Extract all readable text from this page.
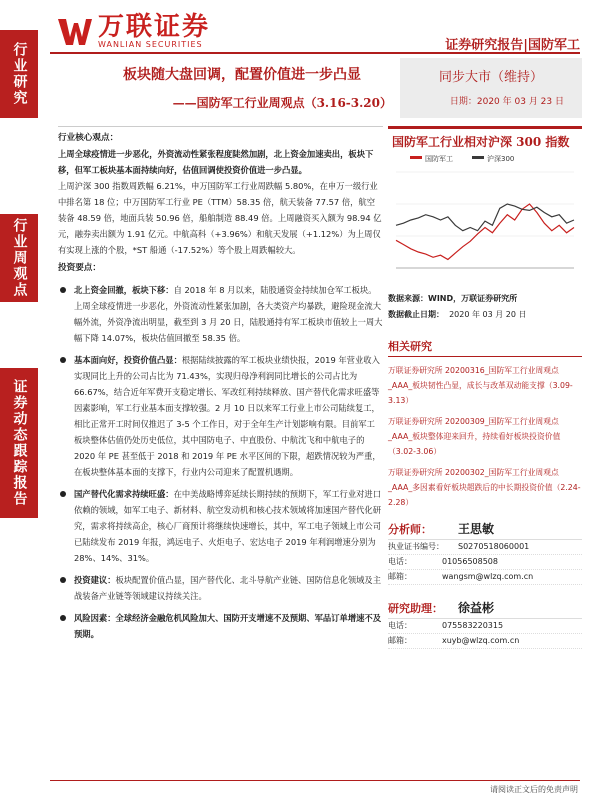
万联证券
WANLIAN SECURITIES	证券研究报告|国防军工
行业研究
行业周观点
证券动态跟踪报告
板块随大盘回调，配置价值进一步凸显
——国防军工行业周观点（3.16-3.20）
同步大市（维持）
日期：2020 年 03 月 23 日
行业核心观点：
上周全球疫情进一步恶化，外资流动性紧张程度陡然加剧，北上资金加速卖出，板块下移，但军工板块基本面持续向好，估值回调使投资价值进一步凸显。
上周沪深 300 指数周跌幅 6.21%，申万国防军工行业周跌幅 5.80%，在申万一级行业中排名第 18 位；中万国防军工行业 PE（TTM）58.35 倍，航天装备 77.57 倍，航空装备 48.59 倍，地面兵装 50.96 倍，船舶制造 88.49 倍。上周融资买入额为 98.94 亿元，融券卖出额为 1.91 亿元。中航高科（+3.96%）和航天发展（+1.12%）为上周仅有实现上涨的个股，*ST 船通（-17.52%）等个股上周跌幅较大。
投资要点：
北上资金回撤，板块下移：自 2018 年 8 月以来，陆股通资金持续加仓军工板块。上周全球疫情进一步恶化，外资流动性紧张加剧，各大类资产均暴跌，避险现金流大幅外流，外资净流出明显，截至到 3 月 20 日，陆股通持有军工板块市值较上一周大幅下降 14.07%，板块估值回撤至 58.35 倍。
基本面向好，投资价值凸显：根据陆续披露的军工板块业绩快报，2019 年营业收入实现同比上升的公司占比为 71.43%，实现归母净利润同比增长的公司占比为 66.67%，结合近年军费开支稳定增长、军改红利持续释放、国产替代化需求旺盛等因素影响，军工行业基本面支撑较强。2 月 10 日以来军工行业上市公司陆续复工，相比正常开工时间仅推迟了 3-5 个工作日，对于全年生产计划影响有限。目前军工板块整体估值仍处历史低位，其中国防电子、中直股份、中航沈飞和中航电子的 2020 年 PE 甚至低于 2018 和 2019 年 PE 水平区间的下限，超跌情况较为严重，在板块整体基本面的支撑下，行业内公司迎来了配置机遇期。
国产替代化需求持续旺盛：在中美战略博弈延续长期持续的预期下，军工行业对进口依赖的领域，如军工电子、新材料、航空发动机和核心技术领域将加速国产替代化研究，需求将持续高企，核心厂商预计将继续快速增长，其中，军工电子领域上市公司已陆续发布 2019 年报，鸿远电子、火炬电子、宏达电子 2019 年利润增速分别为 28%、14%、31%。
投资建议：板块配置价值凸显，国产替代化、北斗导航产业链、国防信息化领域及主战装备产业链等领域建议持续关注。
风险因素：全球经济金融危机风险加大、国防开支增速不及预期、军品订单增速不及预期。
国防军工行业相对沪深 300 指数
国防军工	沪深300
数据来源：WIND，万联证券研究所
数据截止日期： 2020 年 03 月 20 日
相关研究
万联证券研究所 20200316_国防军工行业周观点_AAA_板块韧性凸显，成长与改革双动能支撑（3.09-3.13）
万联证券研究所 20200309_国防军工行业周观点_AAA_板块整体迎来回升，持续看好板块投资价值（3.02-3.06）
万联证券研究所 20200302_国防军工行业周观点_AAA_多因素看好板块超跌后的中长期投资价值（2.24-2.28）
分析师：	王思敏
执业证书编号：	S0270518060001
电话：	01056508508
邮箱：	wangsm@wlzq.com.cn
研究助理：	徐益彬
电话：	075583220315
邮箱：	xuyb@wlzq.com.cn
请阅读正文后的免责声明
